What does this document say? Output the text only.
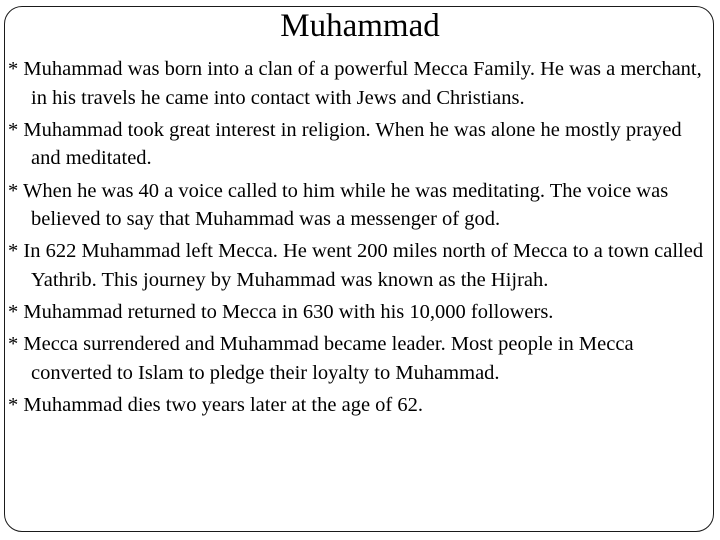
Muhammad
* Muhammad was born into a clan of a powerful Mecca Family. He was a merchant, in his travels he came into contact with Jews and Christians.
* Muhammad took great interest in religion. When he was alone he mostly prayed and meditated.
* When he was 40 a voice called to him while he was meditating. The voice was believed to say that Muhammad was a messenger of god.
* In 622 Muhammad left Mecca. He went 200 miles north of Mecca to a town called Yathrib. This journey by Muhammad was known as the Hijrah.
* Muhammad returned to Mecca in 630 with his 10,000 followers.
* Mecca surrendered and Muhammad became leader. Most people in Mecca converted to Islam to pledge their loyalty to Muhammad.
* Muhammad dies two years later at the age of 62.
